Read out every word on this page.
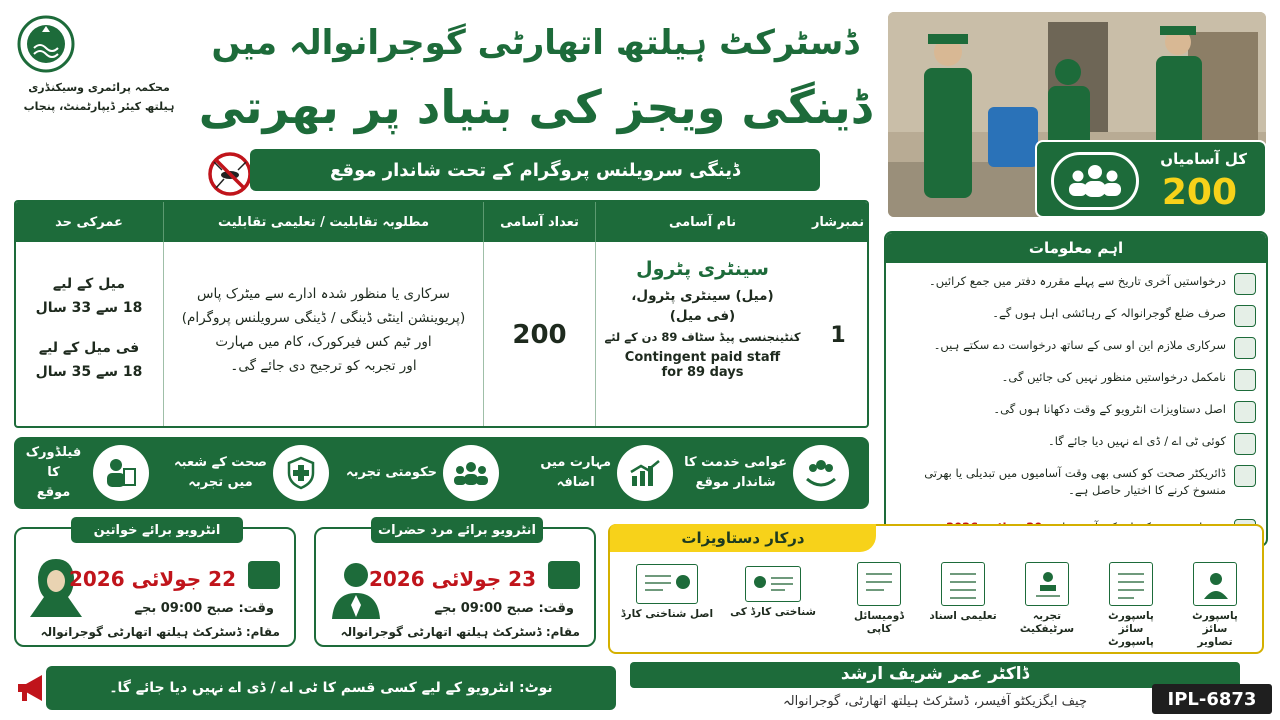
محکمہ پرائمری وسیکنڈری
ہیلتھ کیئر ڈیپارٹمنٹ، پنجاب
ڈسٹرکٹ ہیلتھ اتھارٹی گوجرانوالہ میں
ڈینگی ویجز کی بنیاد پر بھرتی
ڈینگی سرویلنس پروگرام کے تحت شاندار موقع
کل آسامیاں
200
نمبرشار
نام آسامی
تعداد آسامی
مطلوبہ تقابلیت / تعلیمی تقابلیت
عمرکی حد
1
سینٹری پٹرول
(میل) سینٹری پٹرول،
(فی میل)
کنٹینجنسی پیڈ سٹاف 89 دن کے لئے
Contingent paid staff
for 89 days
200
سرکاری یا منظور شدہ ادارے سے میٹرک پاس
(پریوینشن اینٹی ڈینگی / ڈینگی سرویلنس پروگرام)
اور ٹیم کس فیرکورک، کام میں مہارت
اور تجربہ کو ترجیح دی جائے گی۔
میل کے لیے
18 سے 33 سال
فی میل کے لیے
18 سے 35 سال
اہم معلومات
درخواستیں آخری تاریخ سے پہلے مقررہ دفتر میں جمع کرائیں۔
صرف ضلع گوجرانوالہ کے رہائشی اہل ہوں گے۔
سرکاری ملازم این او سی کے ساتھ درخواست دے سکتے ہیں۔
نامکمل درخواستیں منظور نہیں کی جائیں گی۔
اصل دستاویزات انٹرویو کے وقت دکھانا ہوں گی۔
کوئی ٹی اے / ڈی اے نہیں دیا جائے گا۔
ڈائریکٹر صحت کو کسی بھی وقت آسامیوں میں تبدیلی یا بھرتی منسوخ کرنے کا اختیار حاصل ہے۔
عوامی خدمت کا
شاندار موقع
مہارت میں
اضافہ
حکومتی تجربہ
صحت کے شعبہ
میں تجربہ
فیلڈورک کا
موقع
انٹرویو برائے خواتین
22 جولائی 2026
وقت: صبح 09:00 بجے
مقام: ڈسٹرکٹ ہیلتھ اتھارٹی گوجرانوالہ
انٹرویو برائے مرد حضرات
23 جولائی 2026
وقت: صبح 09:00 بجے
مقام: ڈسٹرکٹ ہیلتھ اتھارٹی گوجرانوالہ
درکار دستاویزات
پاسپورٹ سائز
تصاویر
پاسپورٹ سائز
پاسپورٹ
تجربہ سرٹیفکیٹ
تعلیمی اسناد
ڈومیسائل کاپی
شناختی کارڈ کی
اصل شناختی کارڈ
نوٹ: انٹرویو کے لیے کسی قسم کا ٹی اے / ڈی اے نہیں دیا جائے گا۔
ڈاکٹر عمر شریف ارشد
چیف ایگزیکٹو آفیسر، ڈسٹرکٹ ہیلتھ اتھارٹی، گوجرانوالہ	IPL-6873
